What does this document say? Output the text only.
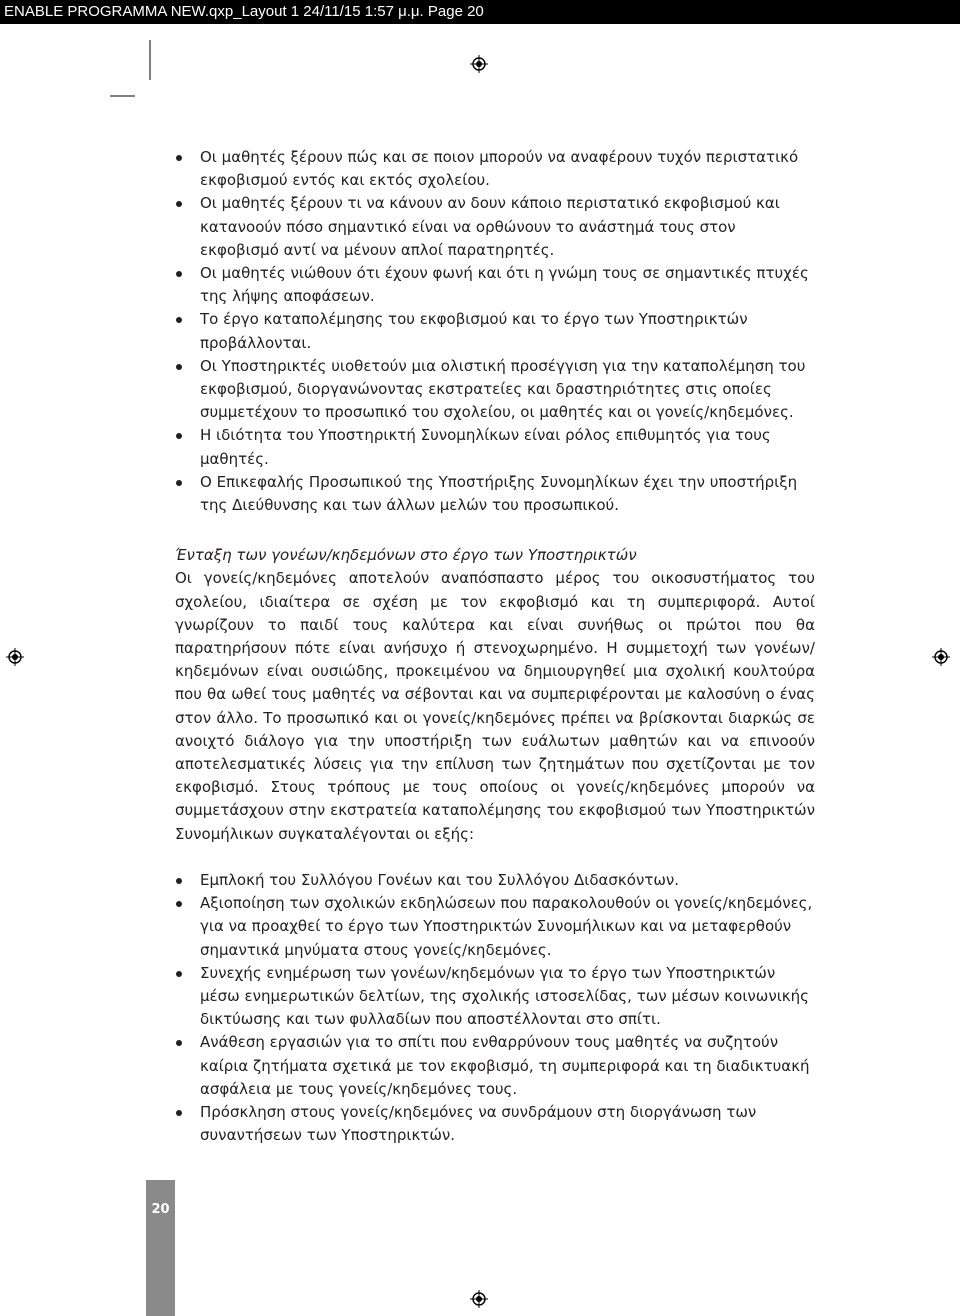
ENABLE PROGRAMMA NEW.qxp_Layout 1 24/11/15 1:57 μ.μ. Page 20
Οι μαθητές ξέρουν πώς και σε ποιον μπορούν να αναφέρουν τυχόν περιστατικό εκφοβισμού εντός και εκτός σχολείου.
Οι μαθητές ξέρουν τι να κάνουν αν δουν κάποιο περιστατικό εκφοβισμού και κατανοούν πόσο σημαντικό είναι να ορθώνουν το ανάστημά τους στον εκφοβισμό αντί να μένουν απλοί παρατηρητές.
Οι μαθητές νιώθουν ότι έχουν φωνή και ότι η γνώμη τους σε σημαντικές πτυχές της λήψης αποφάσεων.
Το έργο καταπολέμησης του εκφοβισμού και το έργο των Υποστηρικτών προβάλλονται.
Οι Υποστηρικτές υιοθετούν μια ολιστική προσέγγιση για την καταπολέμηση του εκφοβισμού, διοργανώνοντας εκστρατείες και δραστηριότητες στις οποίες συμμετέχουν το προσωπικό του σχολείου, οι μαθητές και οι γονείς/κηδεμόνες.
Η ιδιότητα του Υποστηρικτή Συνομηλίκων είναι ρόλος επιθυμητός για τους μαθητές.
Ο Επικεφαλής Προσωπικού της Υποστήριξης Συνομηλίκων έχει την υποστήριξη της Διεύθυνσης και των άλλων μελών του προσωπικού.
Ένταξη των γονέων/κηδεμόνων στο έργο των Υποστηρικτών
Οι γονείς/κηδεμόνες αποτελούν αναπόσπαστο μέρος του οικοσυστήματος του σχολείου, ιδιαίτερα σε σχέση με τον εκφοβισμό και τη συμπεριφορά. Αυτοί γνωρίζουν το παιδί τους καλύτερα και είναι συνήθως οι πρώτοι που θα παρατηρήσουν πότε είναι ανήσυχο ή στενοχωρημένο. Η συμμετοχή των γονέων/κηδεμόνων είναι ουσιώδης, προκειμένου να δημιουργηθεί μια σχολική κουλτούρα που θα ωθεί τους μαθητές να σέβονται και να συμπεριφέρονται με καλοσύνη ο ένας στον άλλο. Το προσωπικό και οι γονείς/κηδεμόνες πρέπει να βρίσκονται διαρκώς σε ανοιχτό διάλογο για την υποστήριξη των ευάλωτων μαθητών και να επινοούν αποτελεσματικές λύσεις για την επίλυση των ζητημάτων που σχετίζονται με τον εκφοβισμό. Στους τρόπους με τους οποίους οι γονείς/κηδεμόνες μπορούν να συμμετάσχουν στην εκστρατεία καταπολέμησης του εκφοβισμού των Υποστηρικτών Συνομήλικων συγκαταλέγονται οι εξής:
Εμπλοκή του Συλλόγου Γονέων και του Συλλόγου Διδασκόντων.
Αξιοποίηση των σχολικών εκδηλώσεων που παρακολουθούν οι γονείς/κηδεμόνες, για να προαχθεί το έργο των Υποστηρικτών Συνομήλικων και να μεταφερθούν σημαντικά μηνύματα στους γονείς/κηδεμόνες.
Συνεχής ενημέρωση των γονέων/κηδεμόνων για το έργο των Υποστηρικτών μέσω ενημερωτικών δελτίων, της σχολικής ιστοσελίδας, των μέσων κοινωνικής δικτύωσης και των φυλλαδίων που αποστέλλονται στο σπίτι.
Ανάθεση εργασιών για το σπίτι που ενθαρρύνουν τους μαθητές να συζητούν καίρια ζητήματα σχετικά με τον εκφοβισμό, τη συμπεριφορά και τη διαδικτυακή ασφάλεια με τους γονείς/κηδεμόνες τους.
Πρόσκληση στους γονείς/κηδεμόνες να συνδράμουν στη διοργάνωση των συναντήσεων των Υποστηρικτών.
20
